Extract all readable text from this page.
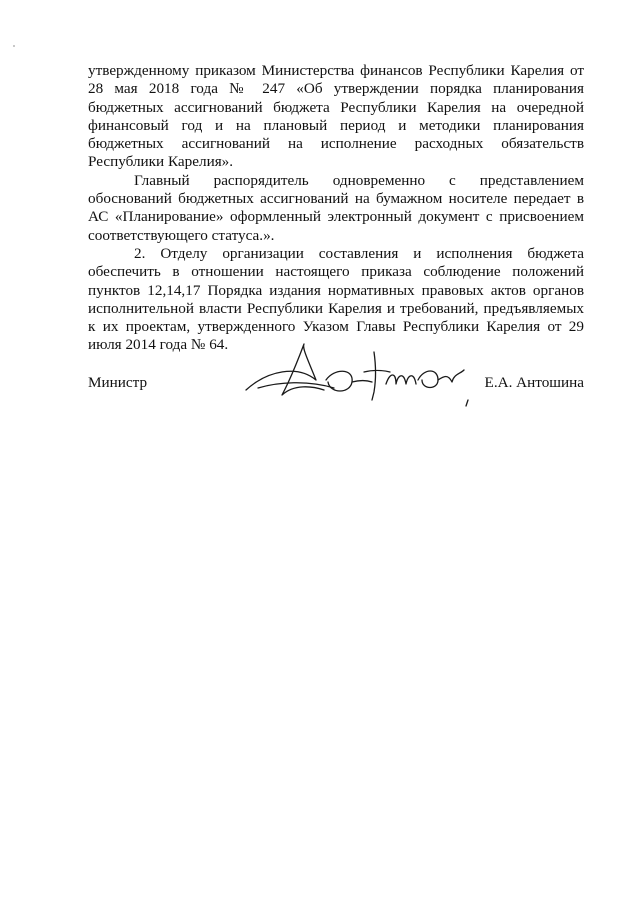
утвержденному приказом Министерства финансов Республики Карелия от 28 мая 2018 года № 247 «Об утверждении порядка планирования бюджетных ассигнований бюджета Республики Карелия на очередной финансовый год и на плановый период и методики планирования бюджетных ассигнований на исполнение расходных обязательств Республики Карелия».

Главный распорядитель одновременно с представлением обоснований бюджетных ассигнований на бумажном носителе передает в АС «Планирование» оформленный электронный документ с присвоением соответствующего статуса.».

2. Отделу организации составления и исполнения бюджета обеспечить в отношении настоящего приказа соблюдение положений пунктов 12,14,17 Порядка издания нормативных правовых актов органов исполнительной власти Республики Карелия и требований, предъявляемых к их проектам, утвержденного Указом Главы Республики Карелия от 29 июля 2014 года № 64.

Министр	Е.А. Антошина
